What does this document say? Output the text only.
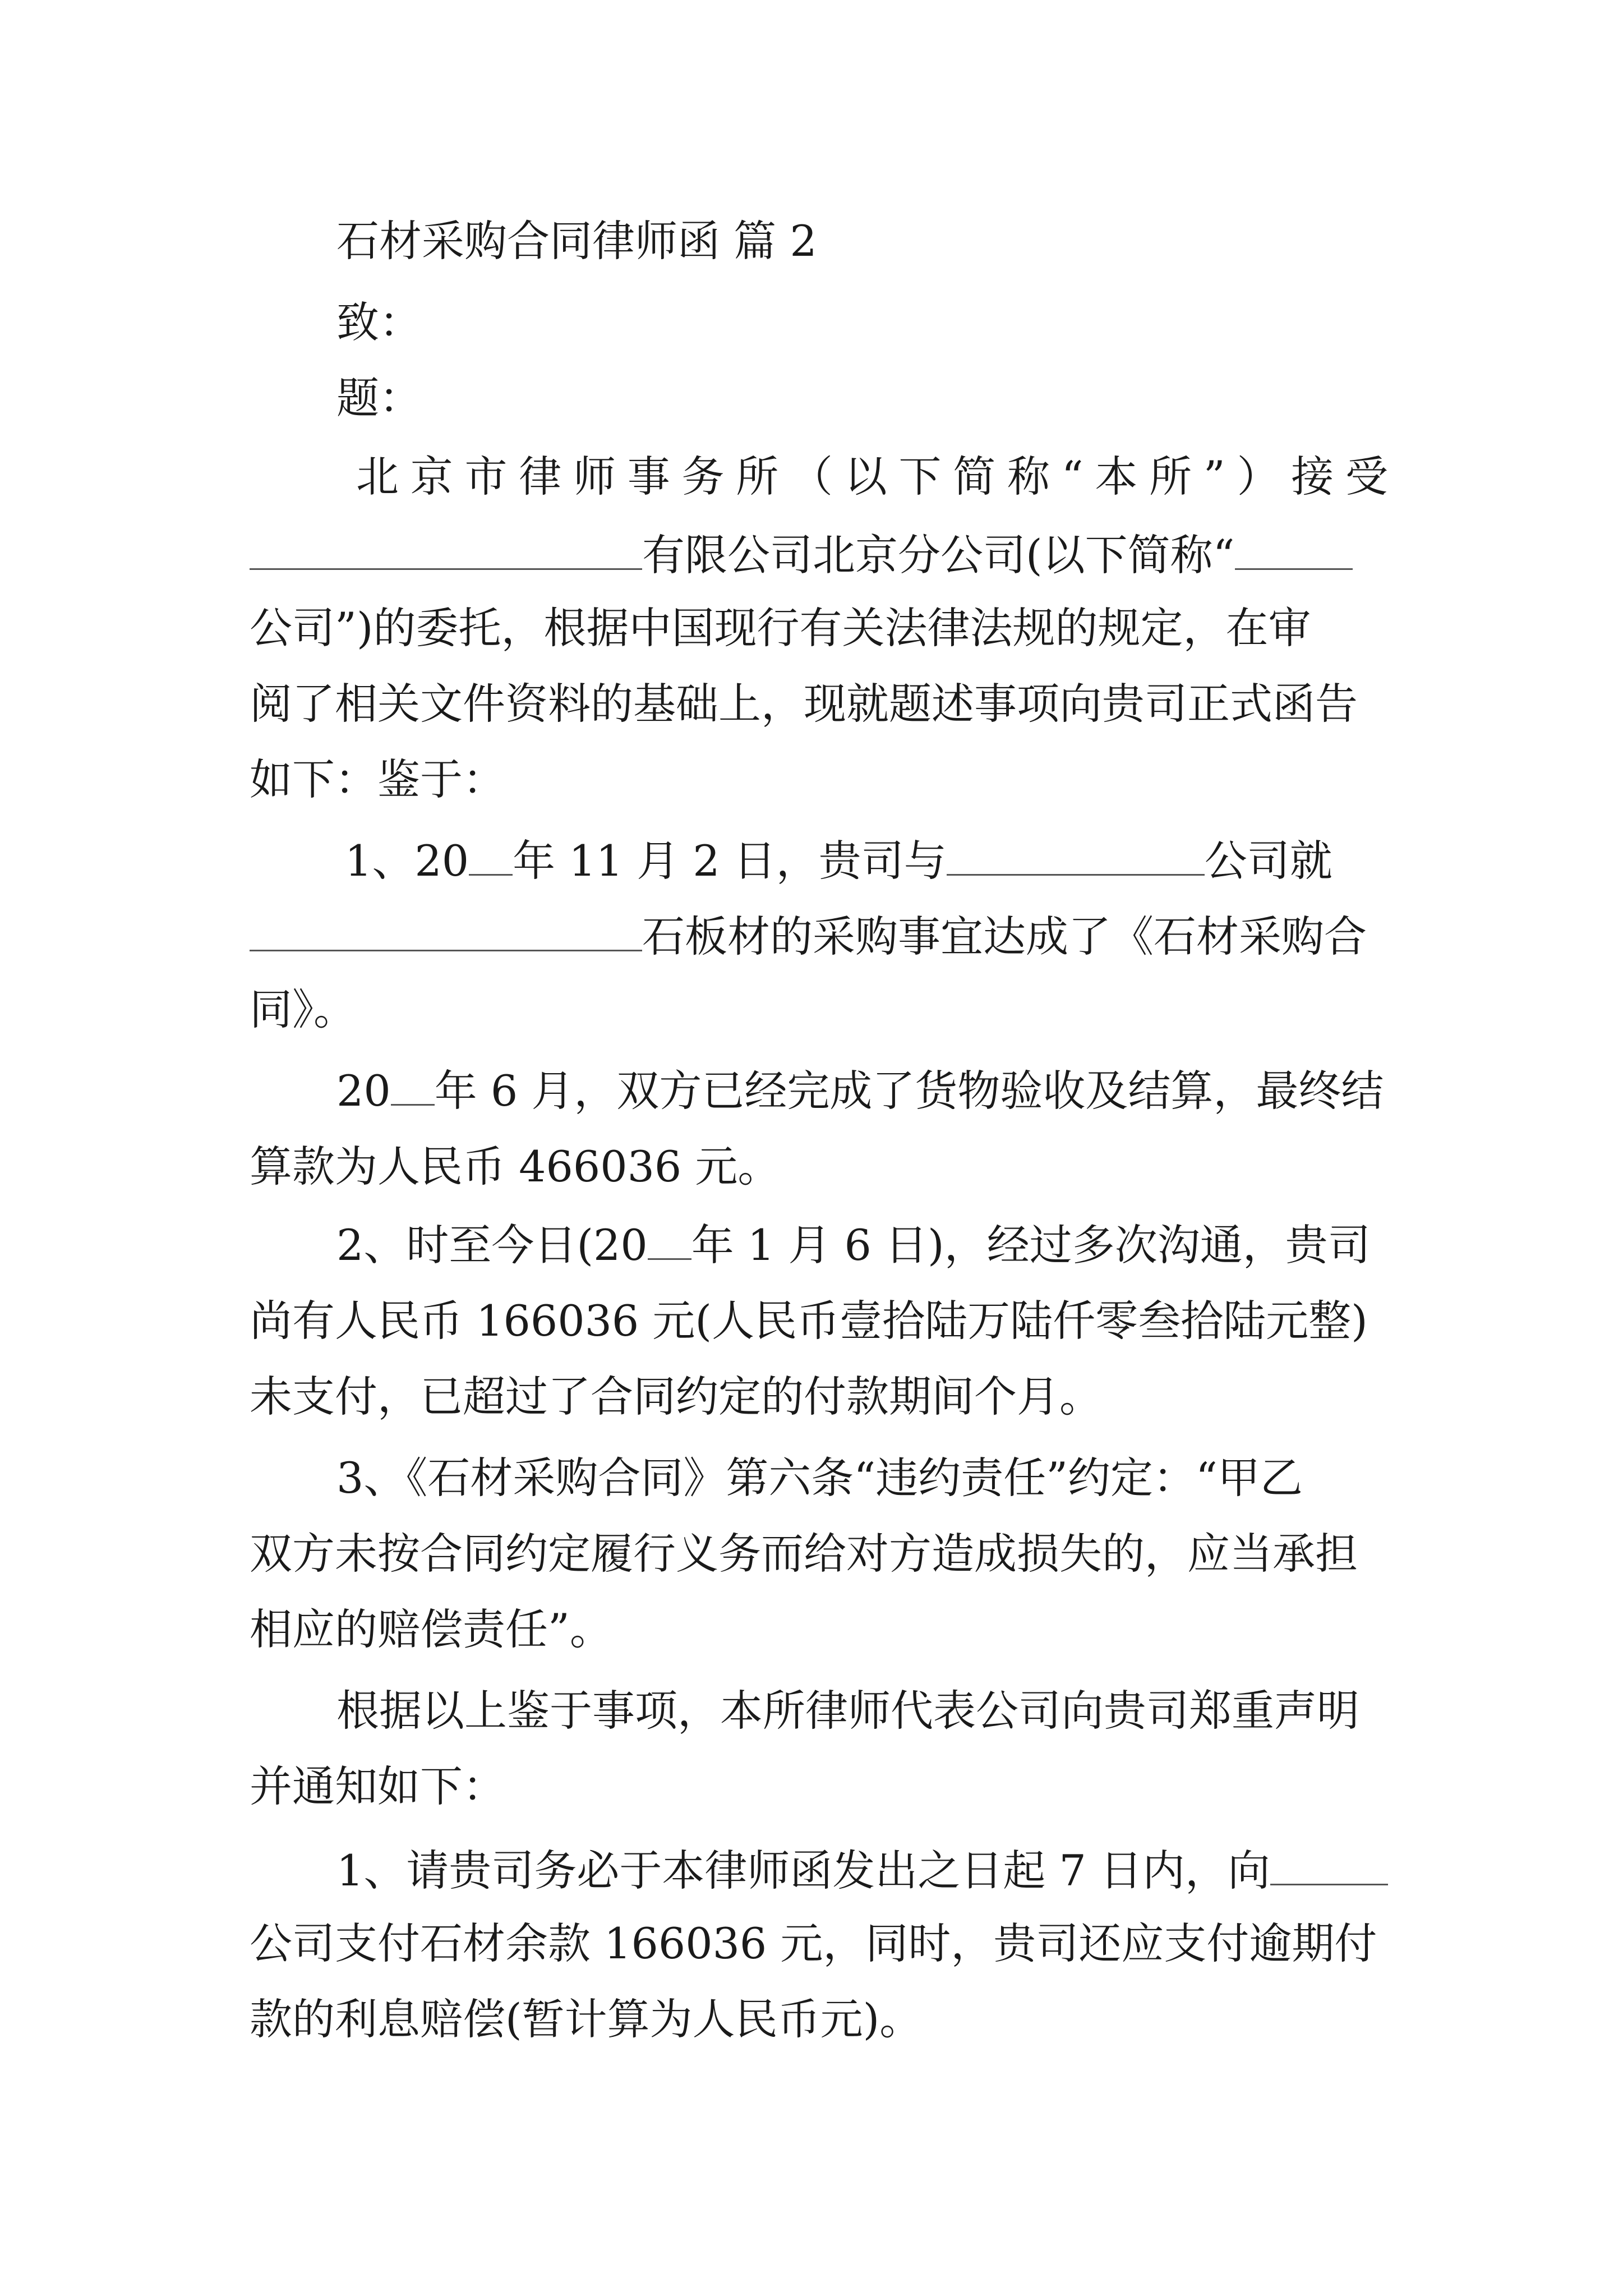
石材采购合同律师函 篇 2
致：
题：
北京市律师事务所（以下简称“本所”）接受
有限公司北京分公司(以下简称“
公司”)的委托，根据中国现行有关法律法规的规定，在审
阅了相关文件资料的基础上，现就题述事项向贵司正式函告
如下：鉴于：
1、20 年 11 月 2 日，贵司与	公司就
石板材的采购事宜达成了《石材采购合
同》。
20 年 6 月，双方已经完成了货物验收及结算，最终结
算款为人民币 466036 元。
2、时至今日(20 年 1 月 6 日)，经过多次沟通，贵司
尚有人民币 166036 元(人民币壹拾陆万陆仟零叁拾陆元整)
未支付，已超过了合同约定的付款期间个月。
3、《石材采购合同》第六条“违约责任”约定：“甲乙
双方未按合同约定履行义务而给对方造成损失的，应当承担
相应的赔偿责任”。
根据以上鉴于事项，本所律师代表公司向贵司郑重声明
并通知如下：
1、请贵司务必于本律师函发出之日起 7 日内，向
公司支付石材余款 166036 元，同时，贵司还应支付逾期付
款的利息赔偿(暂计算为人民币元)。
